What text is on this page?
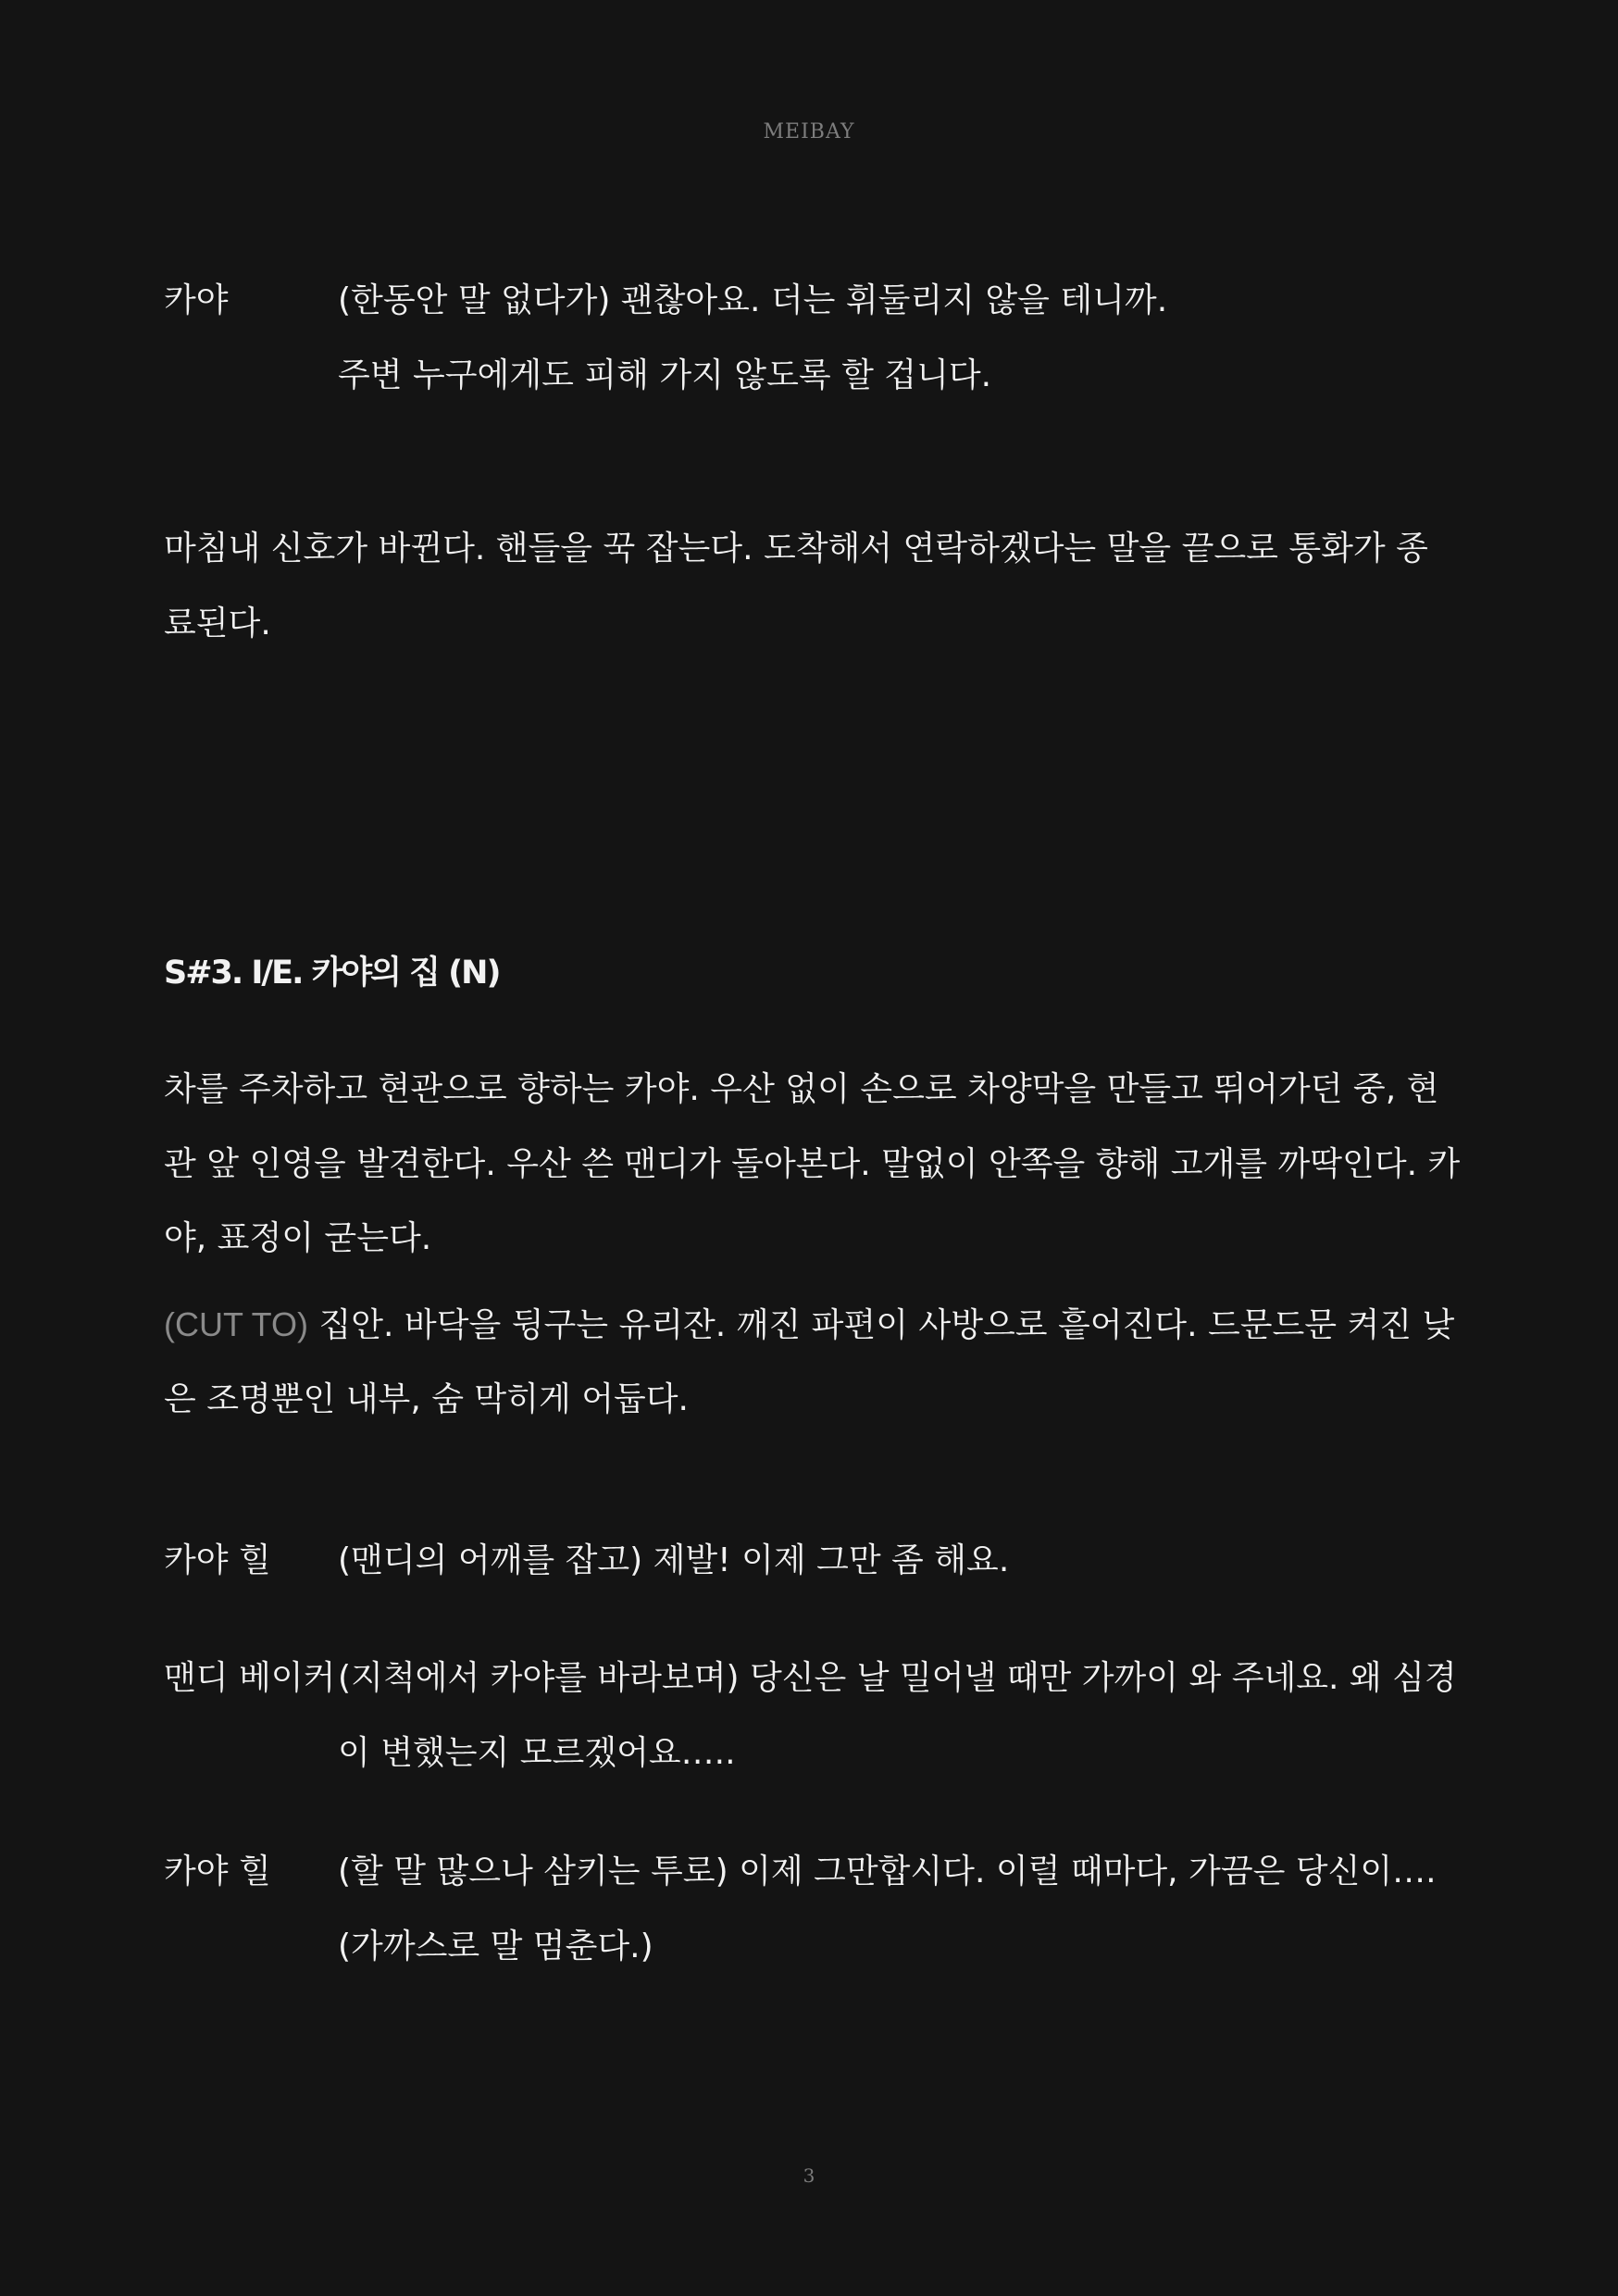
MEIBAY
카야	(한동안 말 없다가) 괜찮아요. 더는 휘둘리지 않을 테니까.
주변 누구에게도 피해 가지 않도록 할 겁니다.
마침내 신호가 바뀐다. 핸들을 꾹 잡는다. 도착해서 연락하겠다는 말을 끝으로 통화가 종
료된다.
S#3. I/E. 카야의 집 (N)
차를 주차하고 현관으로 향하는 카야. 우산 없이 손으로 차양막을 만들고 뛰어가던 중, 현
관 앞 인영을 발견한다. 우산 쓴 맨디가 돌아본다. 말없이 안쪽을 향해 고개를 까딱인다. 카
야, 표정이 굳는다.
(CUT TO) 집안. 바닥을 뒹구는 유리잔. 깨진 파편이 사방으로 흩어진다. 드문드문 켜진 낮
은 조명뿐인 내부, 숨 막히게 어둡다.
카야 힐 (맨디의 어깨를 잡고) 제발! 이제 그만 좀 해요.
맨디 베이커 (지척에서 카야를 바라보며) 당신은 날 밀어낼 때만 가까이 와 주네요. 왜 심경
이 변했는지 모르겠어요…..
카야 힐 (할 말 많으나 삼키는 투로) 이제 그만합시다. 이럴 때마다, 가끔은 당신이….
(가까스로 말 멈춘다.)
3
